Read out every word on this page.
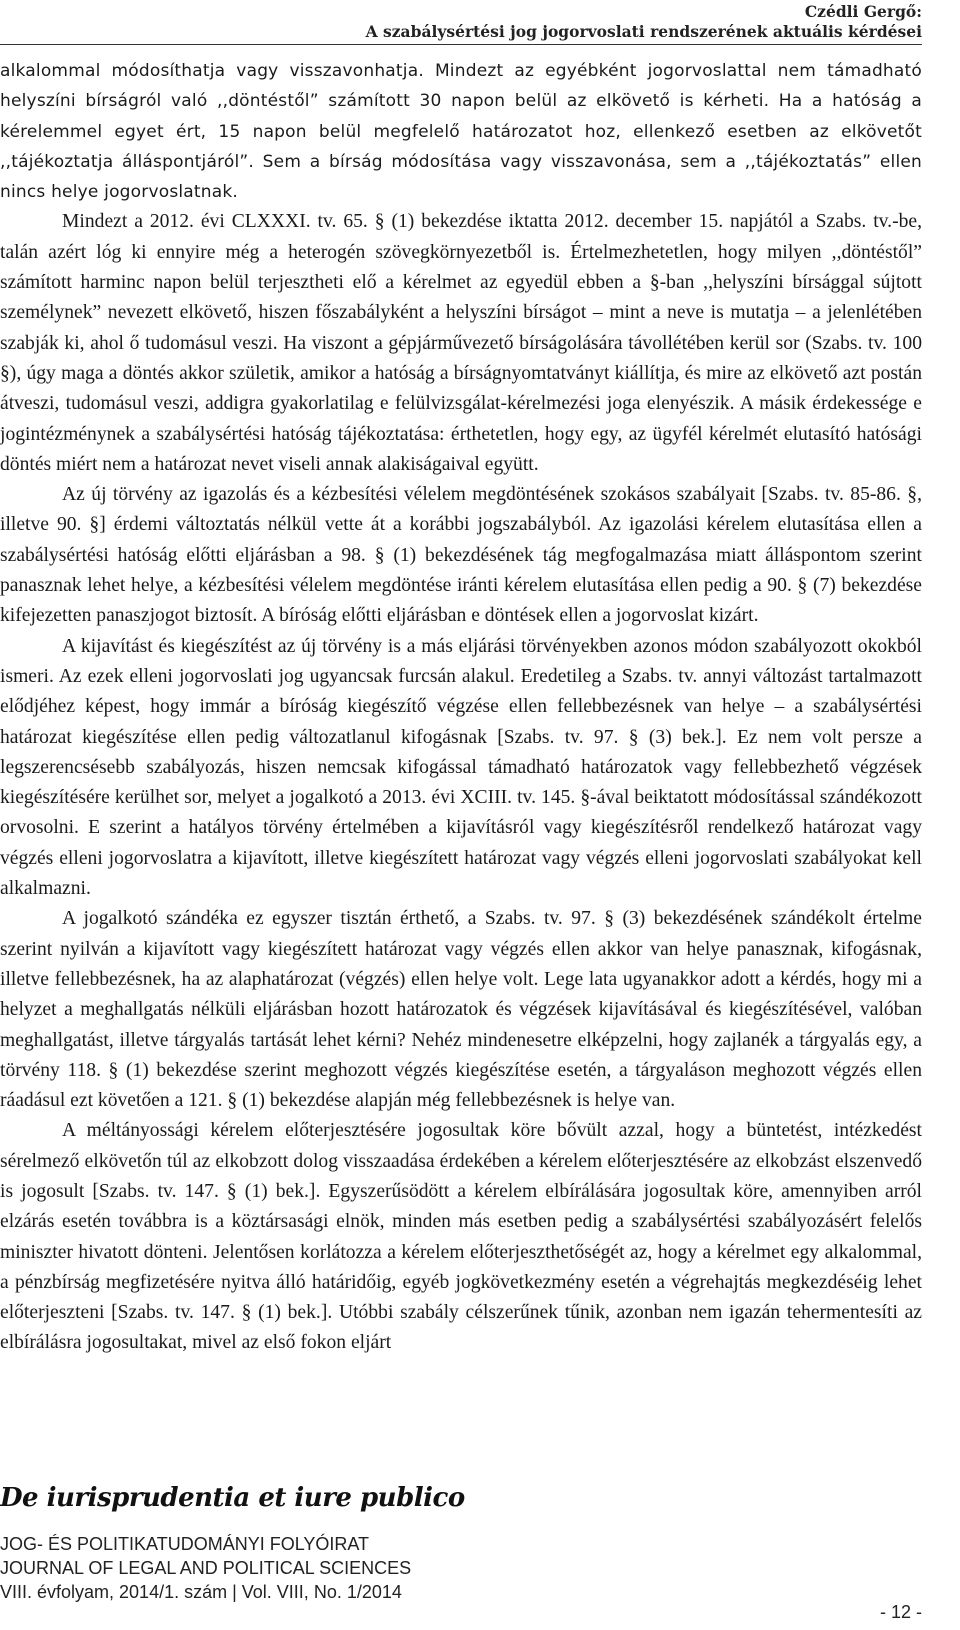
Czédli Gergő:
A szabálysértési jog jogorvoslati rendszerének aktuális kérdései

alkalommal módosíthatja vagy visszavonhatja. Mindezt az egyébként jogorvoslattal nem támadható helyszíni bírságról való ,,döntéstől” számított 30 napon belül az elkövető is kérheti. Ha a hatóság a kérelemmel egyet ért, 15 napon belül megfelelő határozatot hoz, ellenkező esetben az elkövetőt ,,tájékoztatja álláspontjáról”. Sem a bírság módosítása vagy visszavonása, sem a ,,tájékoztatás” ellen nincs helye jogorvoslatnak.

Mindezt a 2012. évi CLXXXI. tv. 65. § (1) bekezdése iktatta 2012. december 15. napjától a Szabs. tv.-be, talán azért lóg ki ennyire még a heterogén szövegkörnyezetből is. Értelmezhetetlen, hogy milyen ,,döntéstől” számított harminc napon belül terjesztheti elő a kérelmet az egyedül ebben a §-ban ,,helyszíni bírsággal sújtott személynek” nevezett elkövető, hiszen főszabályként a helyszíni bírságot – mint a neve is mutatja – a jelenlétében szabják ki, ahol ő tudomásul veszi. Ha viszont a gépjárművezető bírságolására távollétében kerül sor (Szabs. tv. 100 §), úgy maga a döntés akkor születik, amikor a hatóság a bírságnyomtatványt kiállítja, és mire az elkövető azt postán átveszi, tudomásul veszi, addigra gyakorlatilag e felülvizsgálat-kérelmezési joga elenyészik. A másik érdekessége e jogintézménynek a szabálysértési hatóság tájékoztatása: érthetetlen, hogy egy, az ügyfél kérelmét elutasító hatósági döntés miért nem a határozat nevet viseli annak alakiságaival együtt.

Az új törvény az igazolás és a kézbesítési vélelem megdöntésének szokásos szabályait [Szabs. tv. 85-86. §, illetve 90. §] érdemi változtatás nélkül vette át a korábbi jogszabályból. Az igazolási kérelem elutasítása ellen a szabálysértési hatóság előtti eljárásban a 98. § (1) bekezdésének tág megfogalmazása miatt álláspontom szerint panasznak lehet helye, a kézbesítési vélelem megdöntése iránti kérelem elutasítása ellen pedig a 90. § (7) bekezdése kifejezetten panaszjogot biztosít. A bíróság előtti eljárásban e döntések ellen a jogorvoslat kizárt.

A kijavítást és kiegészítést az új törvény is a más eljárási törvényekben azonos módon szabályozott okokból ismeri. Az ezek elleni jogorvoslati jog ugyancsak furcsán alakul. Eredetileg a Szabs. tv. annyi változást tartalmazott elődjéhez képest, hogy immár a bíróság kiegészítő végzése ellen fellebbezésnek van helye – a szabálysértési határozat kiegészítése ellen pedig változatlanul kifogásnak [Szabs. tv. 97. § (3) bek.]. Ez nem volt persze a legszerencsésebb szabályozás, hiszen nemcsak kifogással támadható határozatok vagy fellebbezhető végzések kiegészítésére kerülhet sor, melyet a jogalkotó a 2013. évi XCIII. tv. 145. §-ával beiktatott módosítással szándékozott orvosolni. E szerint a hatályos törvény értelmében a kijavításról vagy kiegészítésről rendelkező határozat vagy végzés elleni jogorvoslatra a kijavított, illetve kiegészített határozat vagy végzés elleni jogorvoslati szabályokat kell alkalmazni.

A jogalkotó szándéka ez egyszer tisztán érthető, a Szabs. tv. 97. § (3) bekezdésének szándékolt értelme szerint nyilván a kijavított vagy kiegészített határozat vagy végzés ellen akkor van helye panasznak, kifogásnak, illetve fellebbezésnek, ha az alaphatározat (végzés) ellen helye volt. Lege lata ugyanakkor adott a kérdés, hogy mi a helyzet a meghallgatás nélküli eljárásban hozott határozatok és végzések kijavításával és kiegészítésével, valóban meghallgatást, illetve tárgyalás tartását lehet kérni? Nehéz mindenesetre elképzelni, hogy zajlanék a tárgyalás egy, a törvény 118. § (1) bekezdése szerint meghozott végzés kiegészítése esetén, a tárgyaláson meghozott végzés ellen ráadásul ezt követően a 121. § (1) bekezdése alapján még fellebbezésnek is helye van.

A méltányossági kérelem előterjesztésére jogosultak köre bővült azzal, hogy a büntetést, intézkedést sérelmező elkövetőn túl az elkobzott dolog visszaadása érdekében a kérelem előterjesztésére az elkobzást elszenvedő is jogosult [Szabs. tv. 147. § (1) bek.]. Egyszerűsödött a kérelem elbírálására jogosultak köre, amennyiben arról elzárás esetén továbbra is a köztársasági elnök, minden más esetben pedig a szabálysértési szabályozásért felelős miniszter hivatott dönteni. Jelentősen korlátozza a kérelem előterjeszthetőségét az, hogy a kérelmet egy alkalommal, a pénzbírság megfizetésére nyitva álló határidőig, egyéb jogkövetkezmény esetén a végrehajtás megkezdéséig lehet előterjeszteni [Szabs. tv. 147. § (1) bek.]. Utóbbi szabály célszerűnek tűnik, azonban nem igazán tehermentesíti az elbírálásra jogosultakat, mivel az első fokon eljárt

De iurisprudentia et iure publico
JOG- ÉS POLITIKATUDOMÁNYI FOLYÓIRAT
JOURNAL OF LEGAL AND POLITICAL SCIENCES
VIII. évfolyam, 2014/1. szám | Vol. VIII, No. 1/2014
- 12 -
